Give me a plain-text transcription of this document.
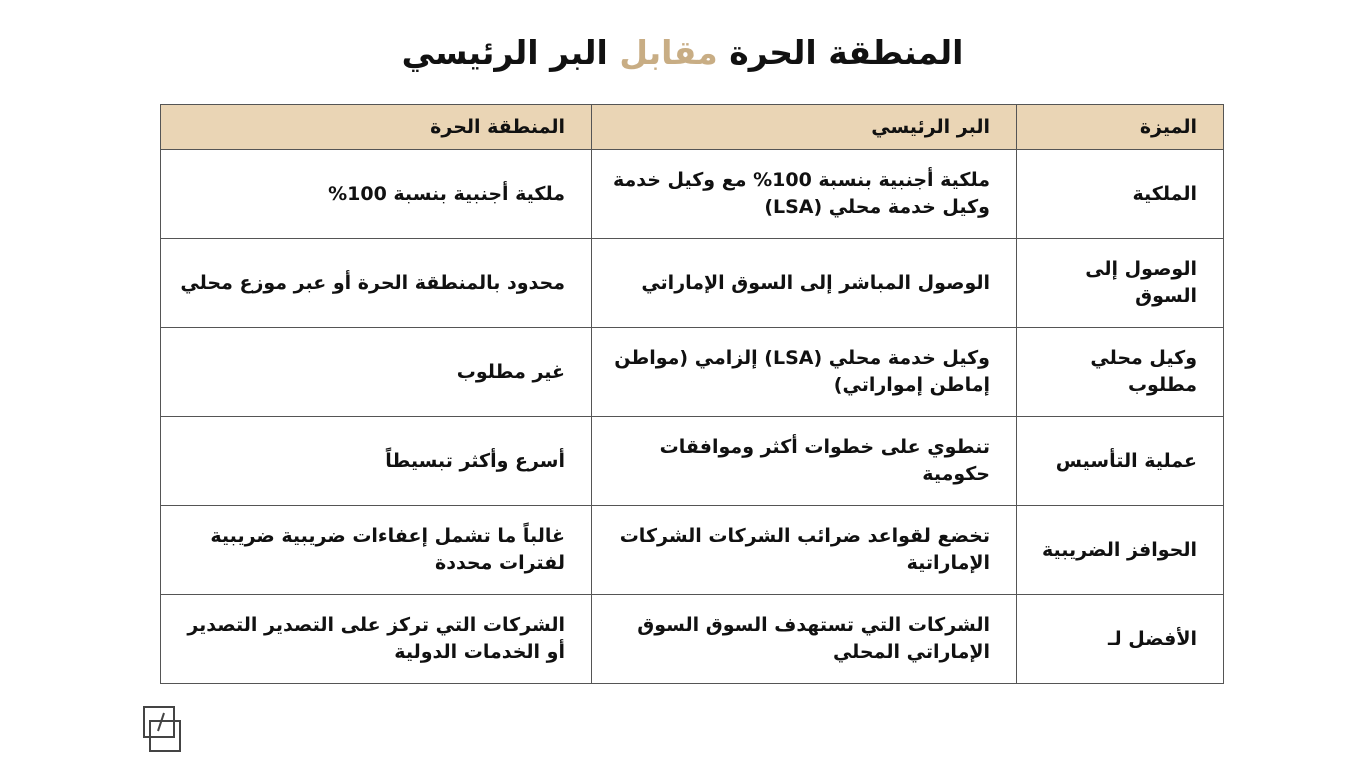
المنطقة الحرة مقابل البر الرئيسي
الميزة	البر الرئيسي	المنطقة الحرة
الملكية	ملكية أجنبية بنسبة 100% مع وكيل خدمة وكيل خدمة محلي (LSA)	ملكية أجنبية بنسبة 100%
الوصول إلى السوق	الوصول المباشر إلى السوق الإماراتي	محدود بالمنطقة الحرة أو عبر موزع محلي
وكيل محلي مطلوب	وكيل خدمة محلي (LSA) إلزامي (مواطن إماطن إمواراتي)	غير مطلوب
عملية التأسيس	تنطوي على خطوات أكثر وموافقات حكومية	أسرع وأكثر تبسيطاً
الحوافز الضريبية	تخضع لقواعد ضرائب الشركات الشركات الإماراتية	غالباً ما تشمل إعفاءات ضريبية ضريبية لفترات محددة
الأفضل لـ	الشركات التي تستهدف السوق السوق الإماراتي المحلي	الشركات التي تركز على التصدير التصدير أو الخدمات الدولية
